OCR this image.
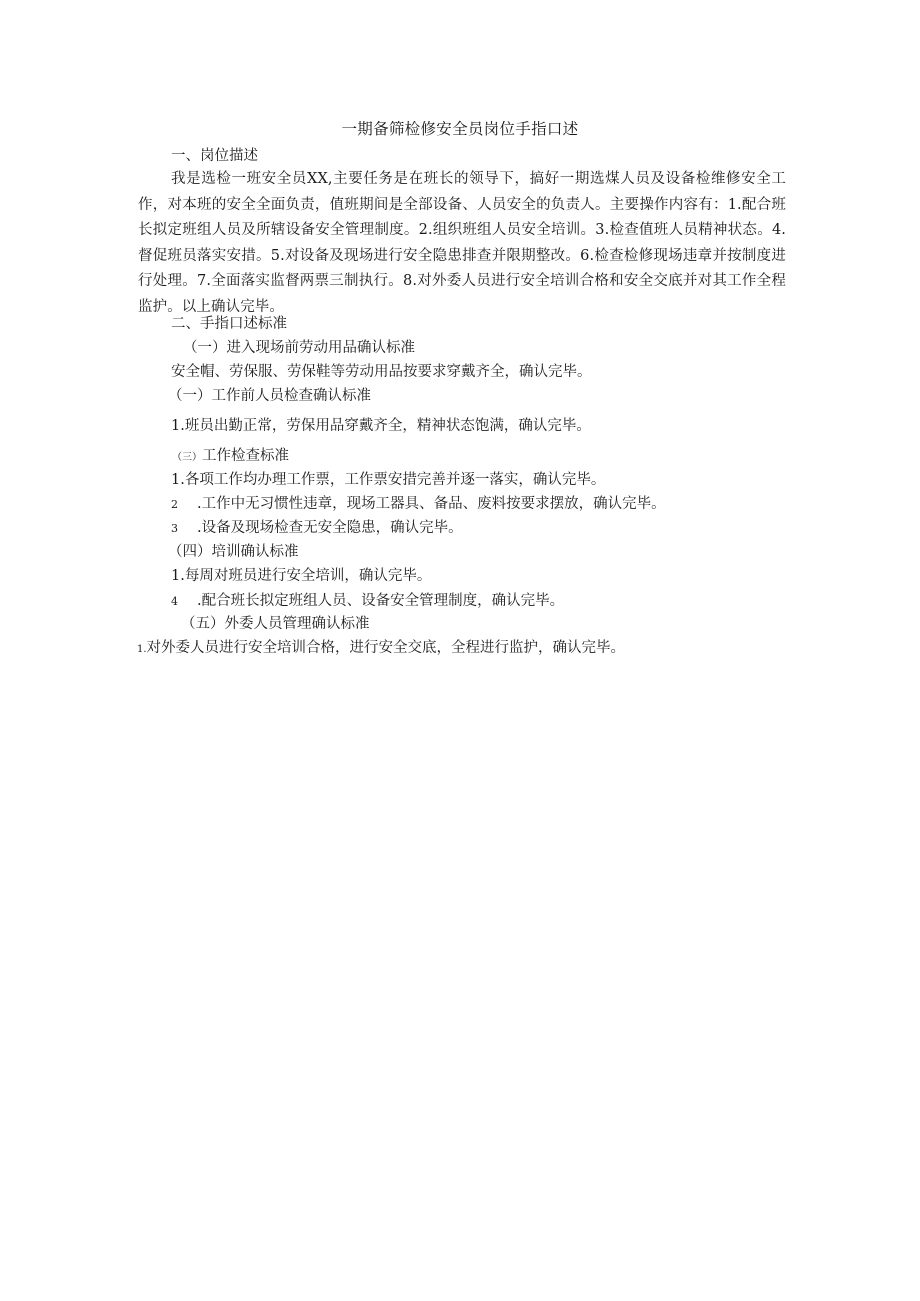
一期备筛检修安全员岗位手指口述
一、岗位描述
我是选检一班安全员XX,主要任务是在班长的领导下，搞好一期选煤人员及设备检维修安全工作，对本班的安全全面负责，值班期间是全部设备、人员安全的负责人。主要操作内容有：1.配合班长拟定班组人员及所辖设备安全管理制度。2.组织班组人员安全培训。3.检查值班人员精神状态。4.督促班员落实安措。5.对设备及现场进行安全隐患排查并限期整改。6.检查检修现场违章并按制度进行处理。7.全面落实监督两票三制执行。8.对外委人员进行安全培训合格和安全交底并对其工作全程监护。以上确认完毕。
二、手指口述标准
（一）进入现场前劳动用品确认标准
安全帽、劳保服、劳保鞋等劳动用品按要求穿戴齐全，确认完毕。
（一）工作前人员检查确认标准
1.班员出勤正常，劳保用品穿戴齐全，精神状态饱满，确认完毕。
（三）工作检查标准
1.各项工作均办理工作票，工作票安措完善并逐一落实，确认完毕。
2 .工作中无习惯性违章，现场工器具、备品、废料按要求摆放，确认完毕。
3 .设备及现场检查无安全隐患，确认完毕。
（四）培训确认标准
1.每周对班员进行安全培训，确认完毕。
4 .配合班长拟定班组人员、设备安全管理制度，确认完毕。
（五）外委人员管理确认标准
1.对外委人员进行安全培训合格，进行安全交底，全程进行监护，确认完毕。
